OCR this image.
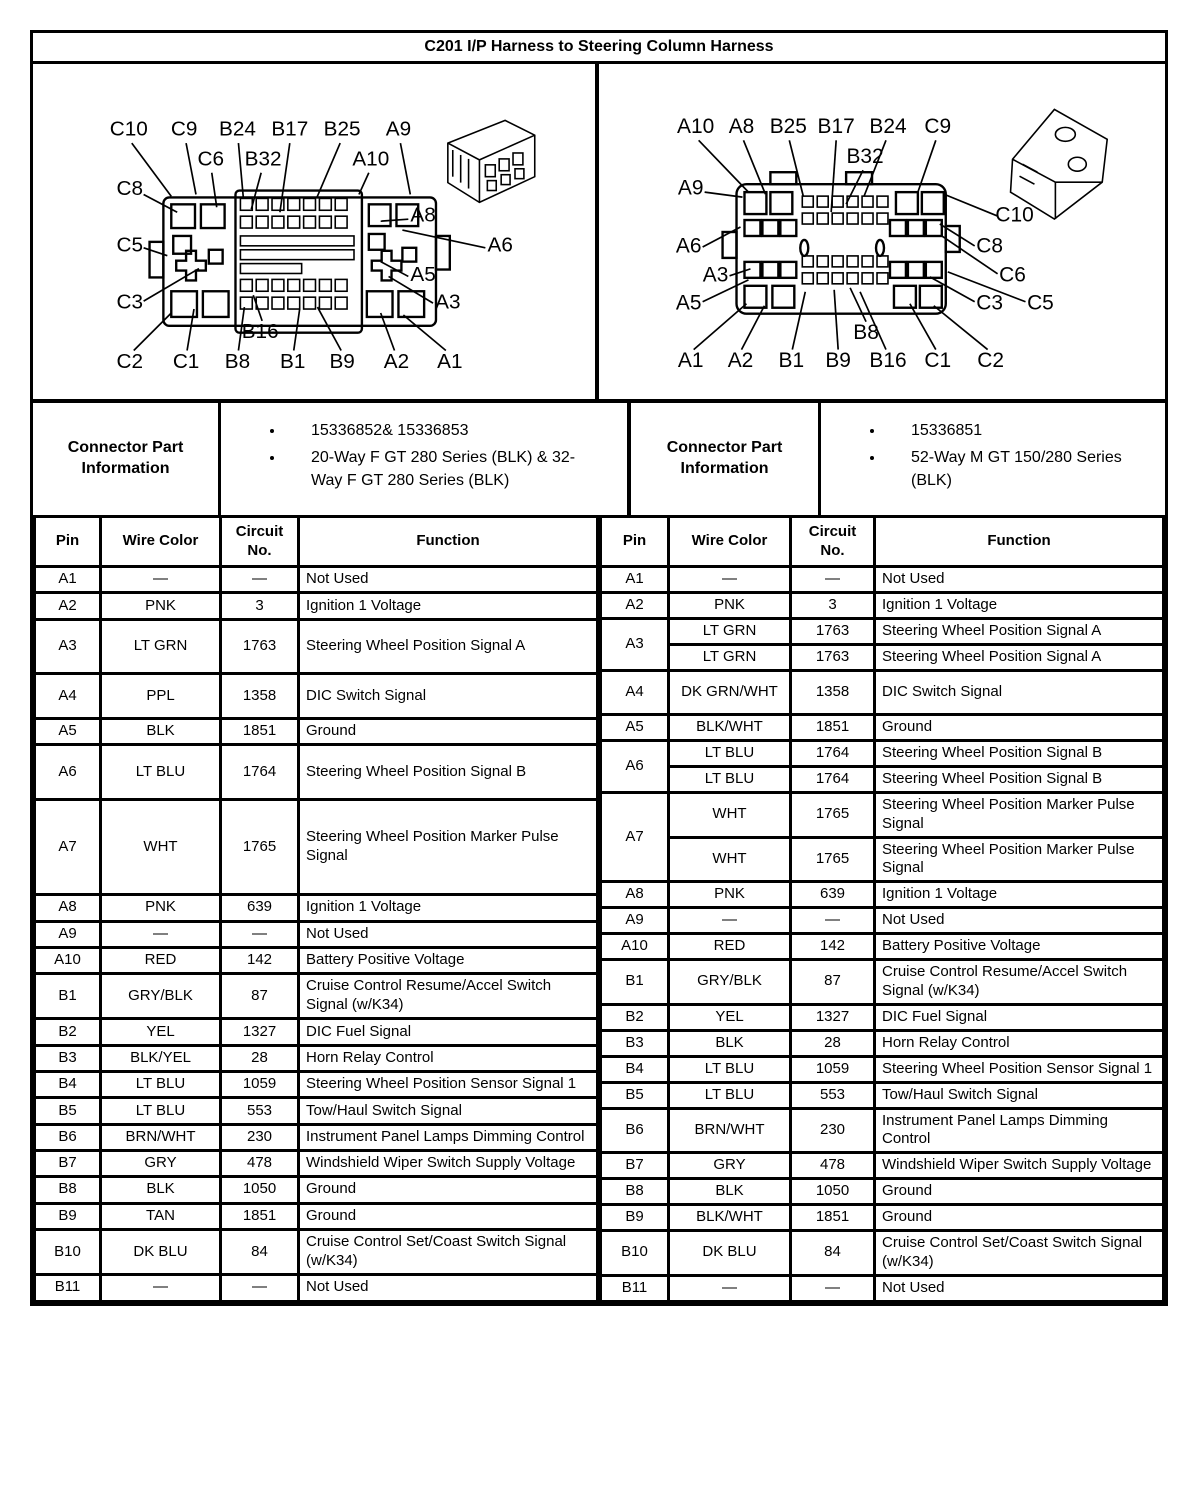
C201 I/P Harness to Steering Column Harness
C10 C9 B24 B17 B25 A9
C6 B32	A10
C8
C5
C3
A8
A6
A5
A3
C2 C1 B8
B16
B1 B9 A2 A1
A10 A8 B25 B17 B24 C9
B32
A9
A6
A3
A5
C10
C8
C6
C5
C3
A1 A2 B1 B9 B16 C1 C2
B8
Connector Part Information
• 15336852& 15336853
• 20-Way F GT 280 Series (BLK) & 32-Way F GT 280 Series (BLK)
Connector Part Information
• 15336851
• 52-Way M GT 150/280 Series (BLK)
Pin	Wire Color	Circuit No.	Function
A1	—	—	Not Used
A2	PNK	3	Ignition 1 Voltage
A3	LT GRN	1763	Steering Wheel Position Signal A
A4	PPL	1358	DIC Switch Signal
A5	BLK	1851	Ground
A6	LT BLU	1764	Steering Wheel Position Signal B
A7	WHT	1765	Steering Wheel Position Marker Pulse Signal
A8	PNK	639	Ignition 1 Voltage
A9	—	—	Not Used
A10	RED	142	Battery Positive Voltage
B1	GRY/BLK	87	Cruise Control Resume/Accel Switch Signal (w/K34)
B2	YEL	1327	DIC Fuel Signal
B3	BLK/YEL	28	Horn Relay Control
B4	LT BLU	1059	Steering Wheel Position Sensor Signal 1
B5	LT BLU	553	Tow/Haul Switch Signal
B6	BRN/WHT	230	Instrument Panel Lamps Dimming Control
B7	GRY	478	Windshield Wiper Switch Supply Voltage
B8	BLK	1050	Ground
B9	TAN	1851	Ground
B10	DK BLU	84	Cruise Control Set/Coast Switch Signal (w/K34)
B11	—	—	Not Used
Pin	Wire Color	Circuit No.	Function
A1	—	—	Not Used
A2	PNK	3	Ignition 1 Voltage
A3	LT GRN	1763	Steering Wheel Position Signal A
	LT GRN	1763	Steering Wheel Position Signal A
A4	DK GRN/WHT	1358	DIC Switch Signal
A5	BLK/WHT	1851	Ground
A6	LT BLU	1764	Steering Wheel Position Signal B
	LT BLU	1764	Steering Wheel Position Signal B
A7	WHT	1765	Steering Wheel Position Marker Pulse Signal
	WHT	1765	Steering Wheel Position Marker Pulse Signal
A8	PNK	639	Ignition 1 Voltage
A9	—	—	Not Used
A10	RED	142	Battery Positive Voltage
B1	GRY/BLK	87	Cruise Control Resume/Accel Switch Signal (w/K34)
B2	YEL	1327	DIC Fuel Signal
B3	BLK	28	Horn Relay Control
B4	LT BLU	1059	Steering Wheel Position Sensor Signal 1
B5	LT BLU	553	Tow/Haul Switch Signal
B6	BRN/WHT	230	Instrument Panel Lamps Dimming Control
B7	GRY	478	Windshield Wiper Switch Supply Voltage
B8	BLK	1050	Ground
B9	BLK/WHT	1851	Ground
B10	DK BLU	84	Cruise Control Set/Coast Switch Signal (w/K34)
B11	—	—	Not Used
